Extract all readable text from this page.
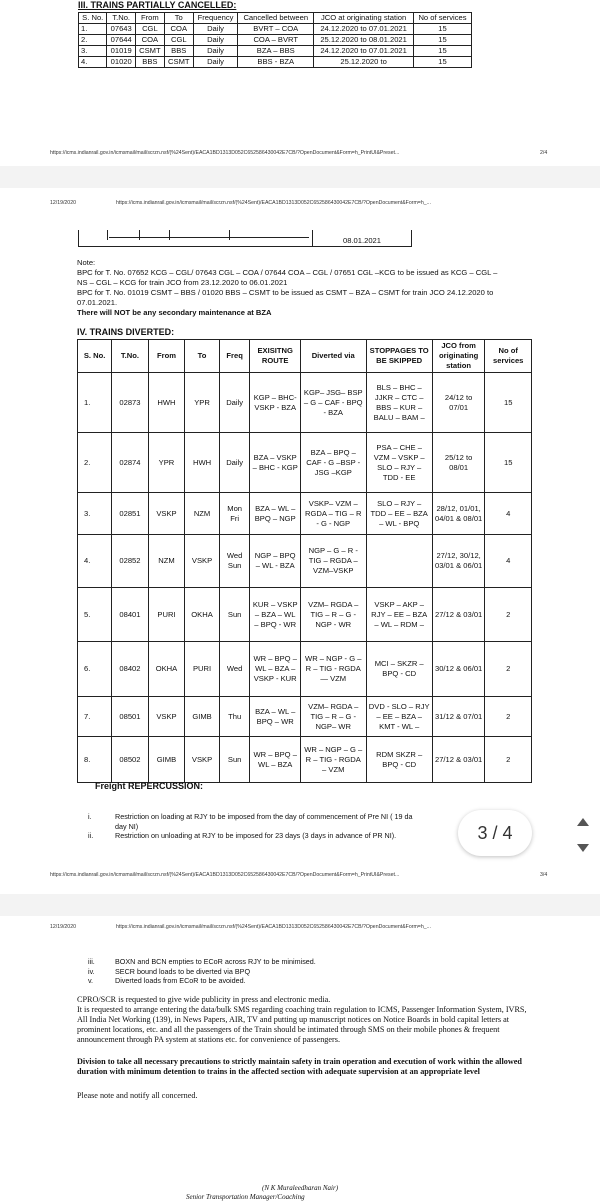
III. TRAINS PARTIALLY CANCELLED:
S. No.	T.No.	From	To	Frequency	Cancelled between	JCO at originating station	No of services
1.	07643	CGL	COA	Daily	BVRT – COA	24.12.2020 to 07.01.2021	15
2.	07644	COA	CGL	Daily	COA – BVRT	25.12.2020 to 08.01.2021	15
3.	01019	CSMT	BBS	Daily	BZA – BBS	24.12.2020 to 07.01.2021	15
4.	01020	BBS	CSMT	Daily	BBS - BZA	25.12.2020 to	15
https://icms.indianrail.gov.in/icmsmail/mail/scrzn.nsf/(%24Sent)/EACA1BD1313D052C652586430042E7CB/?OpenDocument&Form=h_PrintUI&Preset...	2/4
12/19/2020	https://icms.indianrail.gov.in/icmsmail/mail/scrzn.nsf/(%24Sent)/EACA1BD1313D052C652586430042E7CB/?OpenDocument&Form=h_...
08.01.2021
Note:
BPC for T. No. 07652 KCG – CGL/ 07643 CGL – COA / 07644 COA – CGL / 07651 CGL –KCG to be issued as KCG – CGL –
NS – CGL – KCG for train JCO from 23.12.2020 to 06.01.2021
BPC for T. No. 01019 CSMT – BBS / 01020 BBS – CSMT to be issued as CSMT – BZA – CSMT for train JCO 24.12.2020 to
07.01.2021.
There will NOT be any secondary maintenance at BZA
IV. TRAINS DIVERTED:
S. No.	T.No.	From	To	Freq	EXISITNG ROUTE	Diverted via	STOPPAGES TO BE SKIPPED	JCO from originating station	No of services
1.	02873	HWH	YPR	Daily	KGP – BHC- VSKP - BZA	KGP– JSG– BSP – G – CAF - BPQ - BZA	BLS – BHC – JJKR – CTC – BBS – KUR – BALU – BAM –	24/12 to 07/01	15
2.	02874	YPR	HWH	Daily	BZA – VSKP – BHC - KGP	BZA – BPQ – CAF - G –BSP - JSG –KGP	PSA – CHE – VZM – VSKP – SLO – RJY – TDD - EE	25/12 to 08/01	15
3.	02851	VSKP	NZM	Mon Fri	BZA – WL – BPQ – NGP	VSKP– VZM – RGDA – TIG – R - G - NGP	SLO – RJY – TDD – EE – BZA – WL - BPQ	28/12, 01/01, 04/01 & 08/01	4
4.	02852	NZM	VSKP	Wed Sun	NGP – BPQ – WL - BZA	NGP – G – R - TIG – RGDA – VZM–VSKP		27/12, 30/12, 03/01 & 06/01	4
5.	08401	PURI	OKHA	Sun	KUR – VSKP – BZA – WL – BPQ - WR	VZM– RGDA – TIG – R – G - NGP - WR	VSKP – AKP – RJY – EE – BZA – WL – RDM –	27/12 & 03/01	2
6.	08402	OKHA	PURI	Wed	WR – BPQ – WL – BZA – VSKP - KUR	WR – NGP - G – R – TIG - RGDA — VZM	MCI – SKZR – BPQ - CD	30/12 & 06/01	2
7.	08501	VSKP	GIMB	Thu	BZA – WL – BPQ – WR	VZM– RGDA – TIG – R – G - NGP– WR	DVD - SLO – RJY – EE – BZA – KMT - WL –	31/12 & 07/01	2
8.	08502	GIMB	VSKP	Sun	WR – BPQ – WL – BZA	WR – NGP – G – R – TIG - RGDA – VZM	RDM SKZR – BPQ - CD	27/12 & 03/01	2
Freight REPERCUSSION:
i.	Restriction on loading at RJY to be imposed from the day of commencement of Pre NI ( 19 da
day NI)
ii.	Restriction on unloading at RJY to be imposed for 23 days (3 days in advance of PR NI).
https://icms.indianrail.gov.in/icmsmail/mail/scrzn.nsf/(%24Sent)/EACA1BD1313D052C652586430042E7CB/?OpenDocument&Form=h_PrintUI&Preset...	3/4
3 / 4
12/19/2020	https://icms.indianrail.gov.in/icmsmail/mail/scrzn.nsf/(%24Sent)/EACA1BD1313D052C652586430042E7CB/?OpenDocument&Form=h_...
iii.	BOXN and BCN empties to ECoR across RJY to be minimised.
iv.	SECR bound loads to be diverted via BPQ
v.	Diverted loads from ECoR to be avoided.
CPRO/SCR is requested to give wide publicity in press and electronic media.
It is requested to arrange entering the data/bulk SMS regarding coaching train regulation to ICMS, Passenger Information System, IVRS, All India Net Working (139), in News Papers, AIR, TV and putting up manuscript notices on Notice Boards in bold capital letters at prominent locations, etc. and all the passengers of the Train should be intimated through SMS on their mobile phones & frequent announcement through PA system at stations etc. for convenience of passengers.
Division to take all necessary precautions to strictly maintain safety in train operation and execution of work within the allowed duration with minimum detention to trains in the affected section with adequate supervision at an appropriate level
Please note and notify all concerned.
(N K Muraleedharan Nair)
Senior Transportation Manager/Coaching
